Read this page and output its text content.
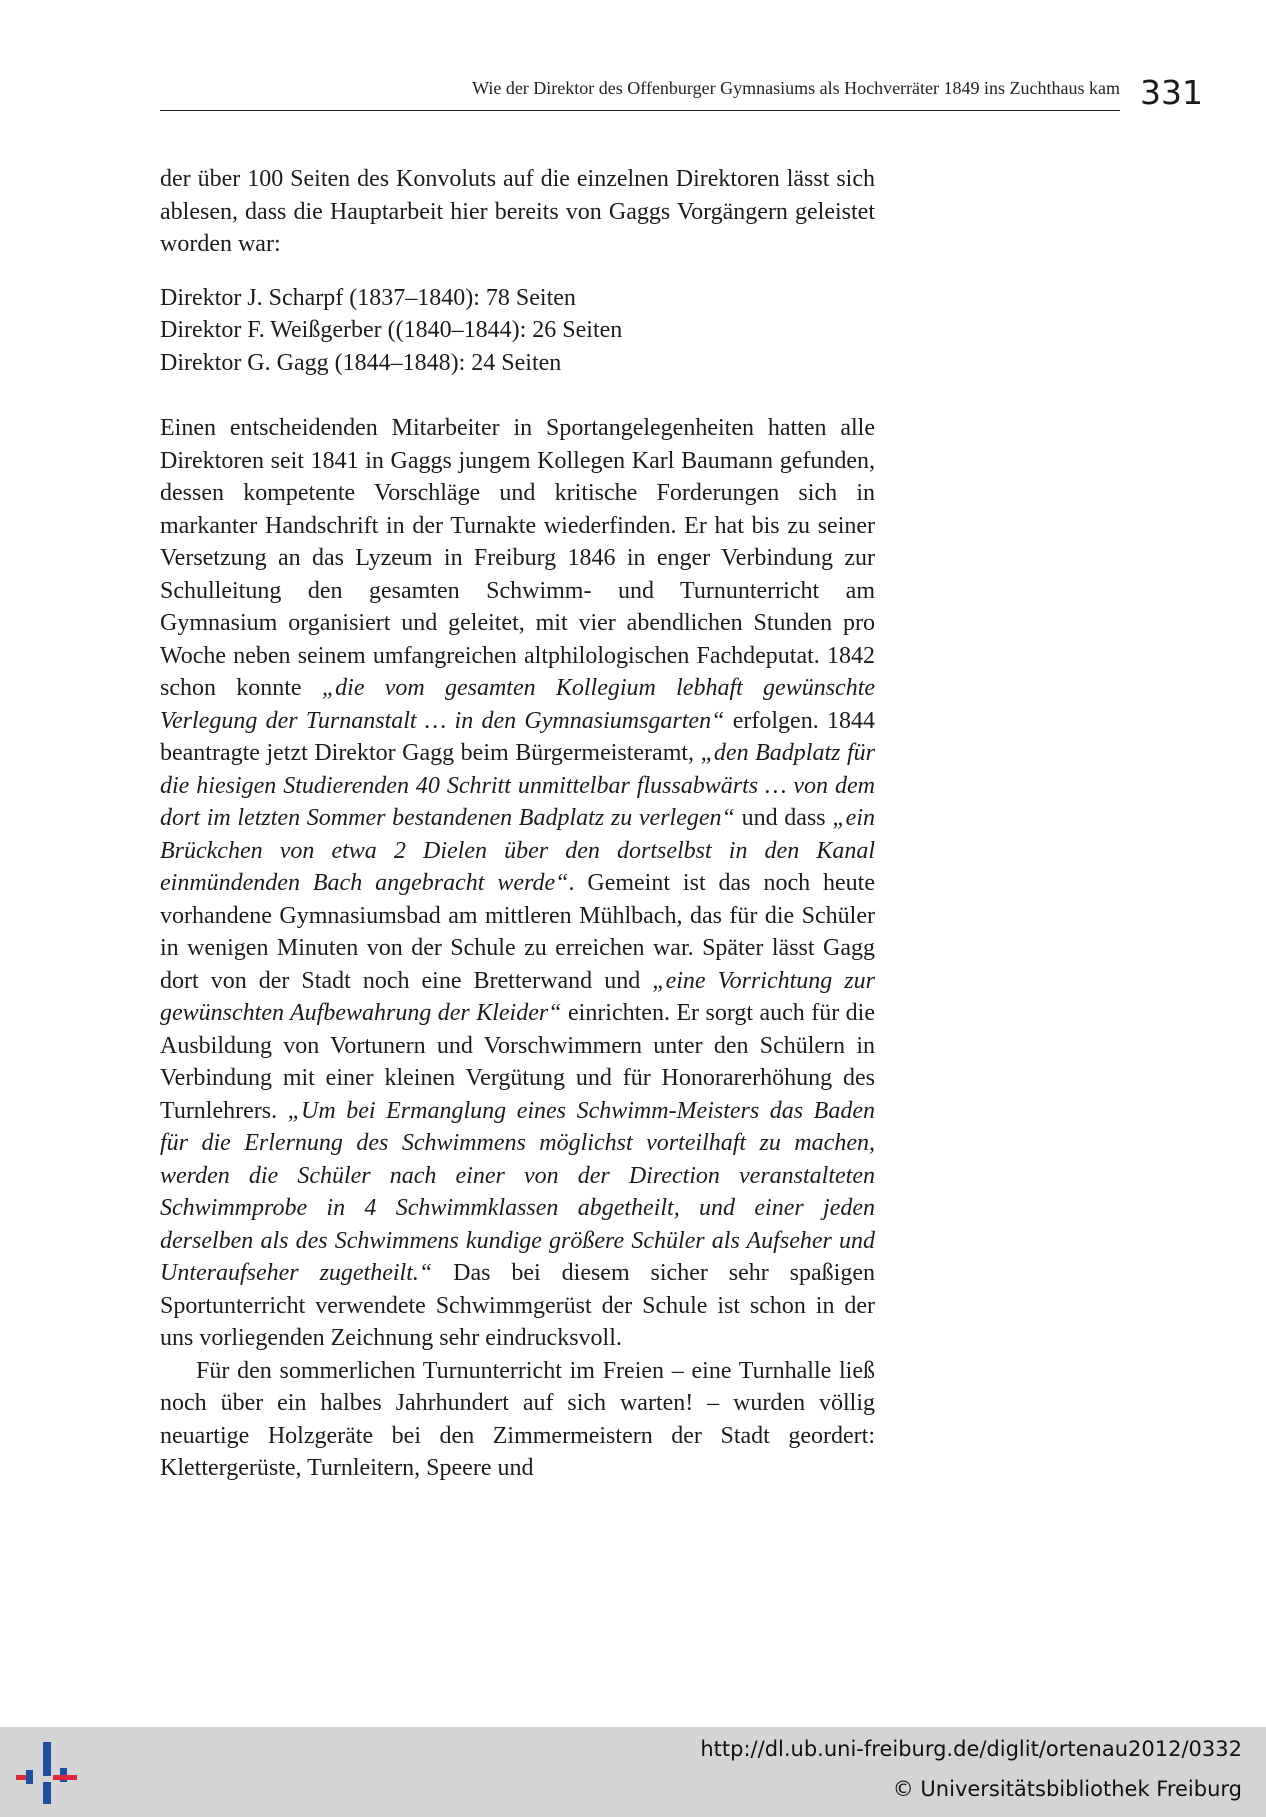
Wie der Direktor des Offenburger Gymnasiums als Hochverräter 1849 ins Zuchthaus kam 331

der über 100 Seiten des Konvoluts auf die einzelnen Direktoren lässt sich ablesen, dass die Hauptarbeit hier bereits von Gaggs Vorgängern geleistet worden war:

Direktor J. Scharpf (1837–1840): 78 Seiten

Direktor F. Weißgerber ((1840–1844): 26 Seiten

Direktor G. Gagg (1844–1848): 24 Seiten

Einen entscheidenden Mitarbeiter in Sportangelegenheiten hatten alle Direktoren seit 1841 in Gaggs jungem Kollegen Karl Baumann gefunden, dessen kompetente Vorschläge und kritische Forderungen sich in markanter Handschrift in der Turnakte wiederfinden. Er hat bis zu seiner Versetzung an das Lyzeum in Freiburg 1846 in enger Verbindung zur Schulleitung den gesamten Schwimm- und Turnunterricht am Gymnasium organisiert und geleitet, mit vier abendlichen Stunden pro Woche neben seinem umfangreichen altphilologischen Fachdeputat. 1842 schon konnte „die vom gesamten Kollegium lebhaft gewünschte Verlegung der Turnanstalt … in den Gymnasiumsgarten“ erfolgen. 1844 beantragte jetzt Direktor Gagg beim Bürgermeisteramt, „den Badplatz für die hiesigen Studierenden 40 Schritt unmittelbar flussabwärts … von dem dort im letzten Sommer bestandenen Badplatz zu verlegen“ und dass „ein Brückchen von etwa 2 Dielen über den dortselbst in den Kanal einmündenden Bach angebracht werde“. Gemeint ist das noch heute vorhandene Gymnasiumsbad am mittleren Mühlbach, das für die Schüler in wenigen Minuten von der Schule zu erreichen war. Später lässt Gagg dort von der Stadt noch eine Bretterwand und „eine Vorrichtung zur gewünschten Aufbewahrung der Kleider“ einrichten. Er sorgt auch für die Ausbildung von Vortunern und Vorschwimmern unter den Schülern in Verbindung mit einer kleinen Vergütung und für Honorarerhöhung des Turnlehrers. „Um bei Ermanglung eines Schwimm-Meisters das Baden für die Erlernung des Schwimmens möglichst vorteilhaft zu machen, werden die Schüler nach einer von der Direction veranstalteten Schwimmprobe in 4 Schwimmklassen abgetheilt, und einer jeden derselben als des Schwimmens kundige größere Schüler als Aufseher und Unteraufseher zugetheilt.“ Das bei diesem sicher sehr spaßigen Sportunterricht verwendete Schwimmgerüst der Schule ist schon in der uns vorliegenden Zeichnung sehr eindrucksvoll.

Für den sommerlichen Turnunterricht im Freien – eine Turnhalle ließ noch über ein halbes Jahrhundert auf sich warten! – wurden völlig neuartige Holzgeräte bei den Zimmermeistern der Stadt geordert: Klettergerüste, Turnleitern, Speere und

http://dl.ub.uni-freiburg.de/diglit/ortenau2012/0332
© Universitätsbibliothek Freiburg
